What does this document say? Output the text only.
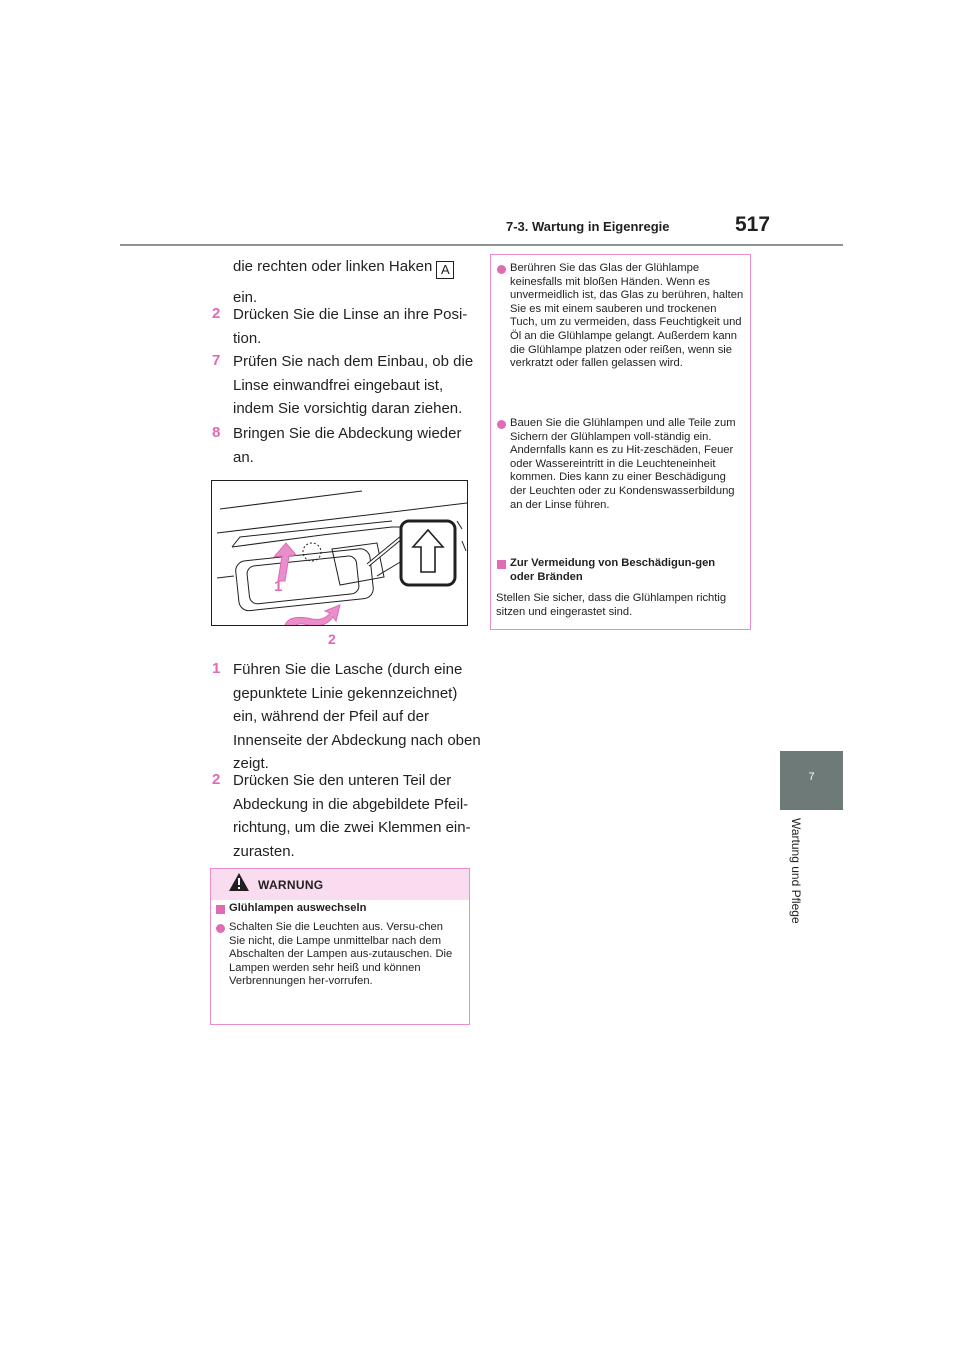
7-3. Wartung in Eigenregie	517
7
Wartung und Pflege
die rechten oder linken Haken A
ein.
2 Drücken Sie die Linse an ihre Posi-tion.
7 Prüfen Sie nach dem Einbau, ob die Linse einwandfrei eingebaut ist, indem Sie vorsichtig daran ziehen.
8 Bringen Sie die Abdeckung wieder an.
1
2
1 Führen Sie die Lasche (durch eine gepunktete Linie gekennzeichnet) ein, während der Pfeil auf der Innenseite der Abdeckung nach oben zeigt.
2 Drücken Sie den unteren Teil der Abdeckung in die abgebildete Pfeil-richtung, um die zwei Klemmen ein-zurasten.
WARNUNG
Glühlampen auswechseln
Schalten Sie die Leuchten aus. Versu-chen Sie nicht, die Lampe unmittelbar nach dem Abschalten der Lampen aus-zutauschen. Die Lampen werden sehr heiß und können Verbrennungen her-vorrufen.
Berühren Sie das Glas der Glühlampe keinesfalls mit bloßen Händen. Wenn es unvermeidlich ist, das Glas zu berühren, halten Sie es mit einem sauberen und trockenen Tuch, um zu vermeiden, dass Feuchtigkeit und Öl an die Glühlampe gelangt. Außerdem kann die Glühlampe platzen oder reißen, wenn sie verkratzt oder fallen gelassen wird.
Bauen Sie die Glühlampen und alle Teile zum Sichern der Glühlampen voll-ständig ein. Andernfalls kann es zu Hit-zeschäden, Feuer oder Wassereintritt in die Leuchteneinheit kommen. Dies kann zu einer Beschädigung der Leuchten oder zu Kondenswasserbildung an der Linse führen.
Zur Vermeidung von Beschädigun-gen oder Bränden
Stellen Sie sicher, dass die Glühlampen richtig sitzen und eingerastet sind.
